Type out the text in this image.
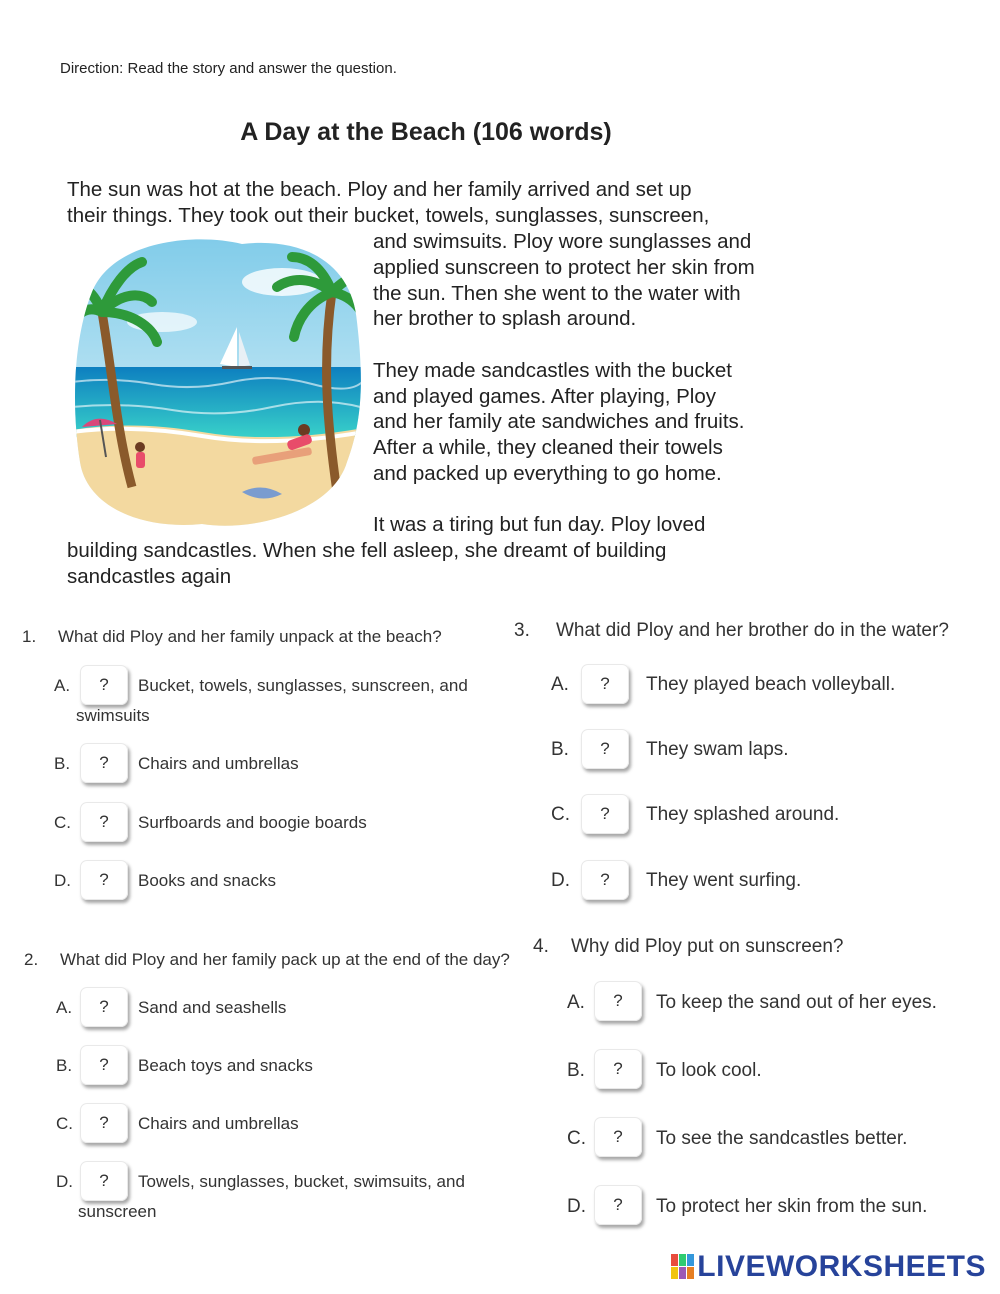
Direction: Read the story and answer the question.
A Day at the Beach (106 words)
The sun was hot at the beach. Ploy and her family arrived and set up
their things. They took out their bucket, towels, sunglasses, sunscreen,
and swimsuits. Ploy wore sunglasses and
applied sunscreen to protect her skin from
the sun. Then she went to the water with
her brother to splash around.
They made sandcastles with the bucket
and played games. After playing, Ploy
and her family ate sandwiches and fruits.
After a while, they cleaned their towels
and packed up everything to go home.
It was a tiring but fun day. Ploy loved
building sandcastles. When she fell asleep, she dreamt of building
sandcastles again
1. What did Ploy and her family unpack at the beach?
A.	?	Bucket, towels, sunglasses, sunscreen, and
swimsuits
B.	?	Chairs and umbrellas
C.	?	Surfboards and boogie boards
D.	?	Books and snacks
2. What did Ploy and her family pack up at the end of the day?
A.	?	Sand and seashells
B.	?	Beach toys and snacks
C.	?	Chairs and umbrellas
D.	?	Towels, sunglasses, bucket, swimsuits, and
sunscreen
3. What did Ploy and her brother do in the water?
A.	?	They played beach volleyball.
B.	?	They swam laps.
C.	?	They splashed around.
D.	?	They went surfing.
4. Why did Ploy put on sunscreen?
A.	?	To keep the sand out of her eyes.
B.	?	To look cool.
C.	?	To see the sandcastles better.
D.	?	To protect her skin from the sun.
LIVEWORKSHEETS
